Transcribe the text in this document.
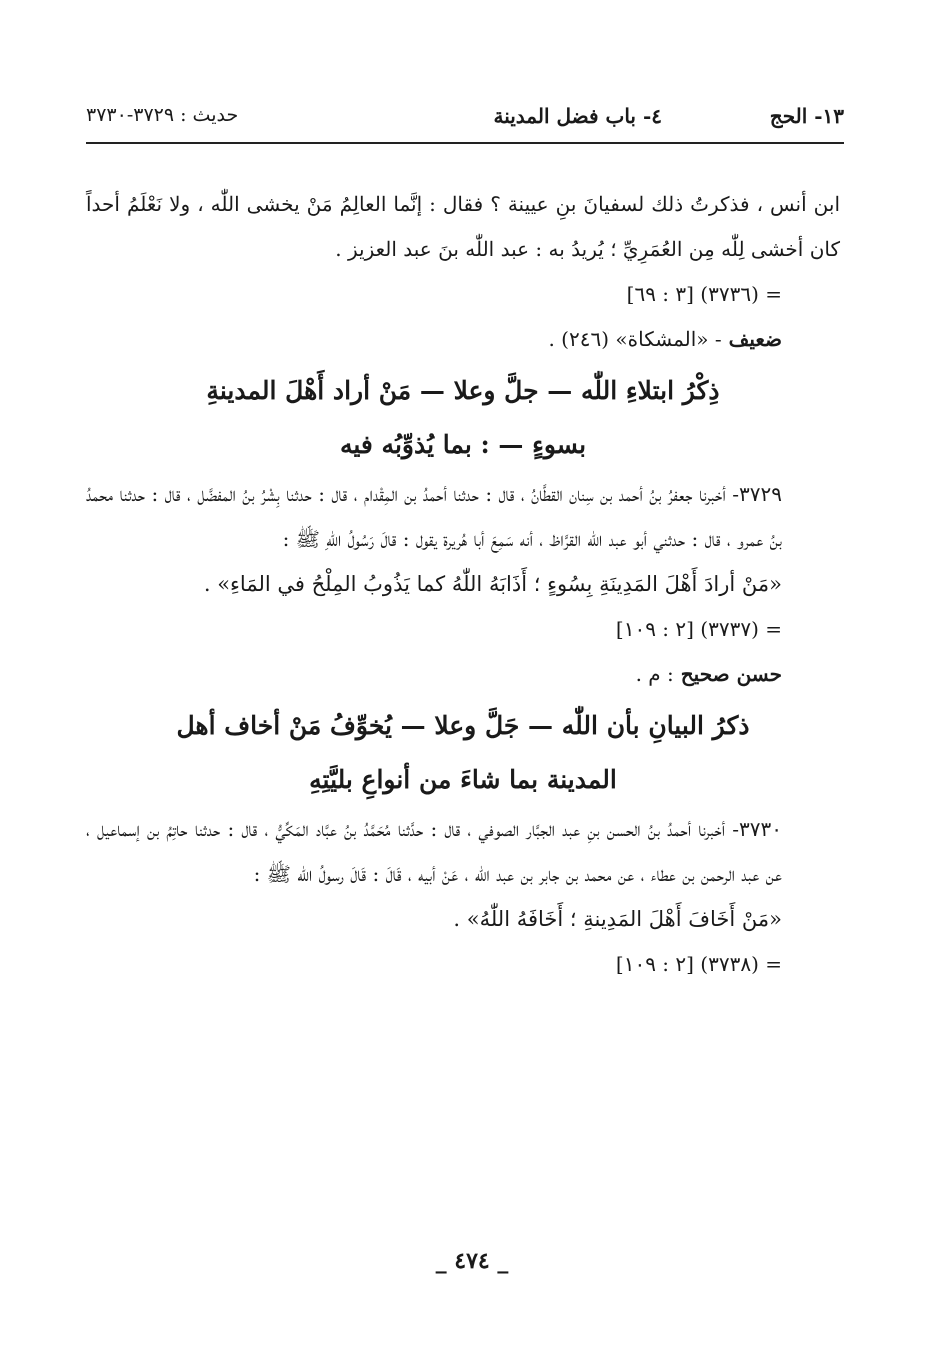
١٣- الحج
٤- باب فضل المدينة
حديث : ٣٧٢٩-٣٧٣٠

ابن أنس ، فذكرتُ ذلك لسفيانَ بنِ عيينة ؟ فقال : إنَّما العالِمُ مَنْ يخشى اللّٰه ، ولا نَعْلَمُ أحداً كان أخشى لِلّٰه مِن العُمَرِيِّ ؛ يُريدُ به : عبد اللّٰه بنَ عبد العزيز .

= (٣٧٣٦) [٣ : ٦٩]

ضعيف - «المشكاة» (٢٤٦) .

ذِكْرُ ابتلاءِ اللّٰه — جلَّ وعلا — مَنْ أراد أَهْلَ المدينةِ
بسوءٍ — : بما يُذوِّبُه فيه

٣٧٢٩- أخبرنا جعفرُ بنُ أحمد بن سِنان القطَّانُ ، قال : حدثنا أحمدُ بن المِقْدام ، قال : حدثنا بِشْرُ بنُ المفضَّل ، قال : حدثنا محمدُ بنُ عمرو ، قال : حدثني أبو عبد اللّٰه القرَّاظ ، أنه سَمِعَ أبا هُريرة يقول : قالَ رَسُولُ اللّٰهِ ﷺ :

«مَنْ أرادَ أَهْلَ المَدِينَةِ بِسُوءٍ ؛ أَذَابَهُ اللّٰهُ كما يَذُوبُ المِلْحُ في المَاءِ» .

= (٣٧٣٧) [٢ : ١٠٩]

حسن صحيح : م .

ذكرُ البيانِ بأن اللّٰه — جَلَّ وعلا — يُخوِّفُ مَنْ أخاف أهل
المدينة بما شاءَ من أنواعِ بليَّتِهِ

٣٧٣٠- أخبرنا أحمدُ بنُ الحسن بنِ عبد الجبَّار الصوفي ، قال : حدَّثنا مُحَمَّدُ بنُ عبَّاد المَكِّيُّ ، قال : حدثنا حاتِمُ بن إسماعيل ، عن عبد الرحمن بن عطاء ، عن محمد بن جابر بن عبد اللّٰه ، عَنْ أبيه ، قَالَ : قَالَ رسولُ اللّٰه ﷺ :

«مَنْ أَخَافَ أَهْلَ المَدِينةِ ؛ أَخَافَهُ اللّٰهُ» .

= (٣٧٣٨) [٢ : ١٠٩]

_ ٤٧٤ _
